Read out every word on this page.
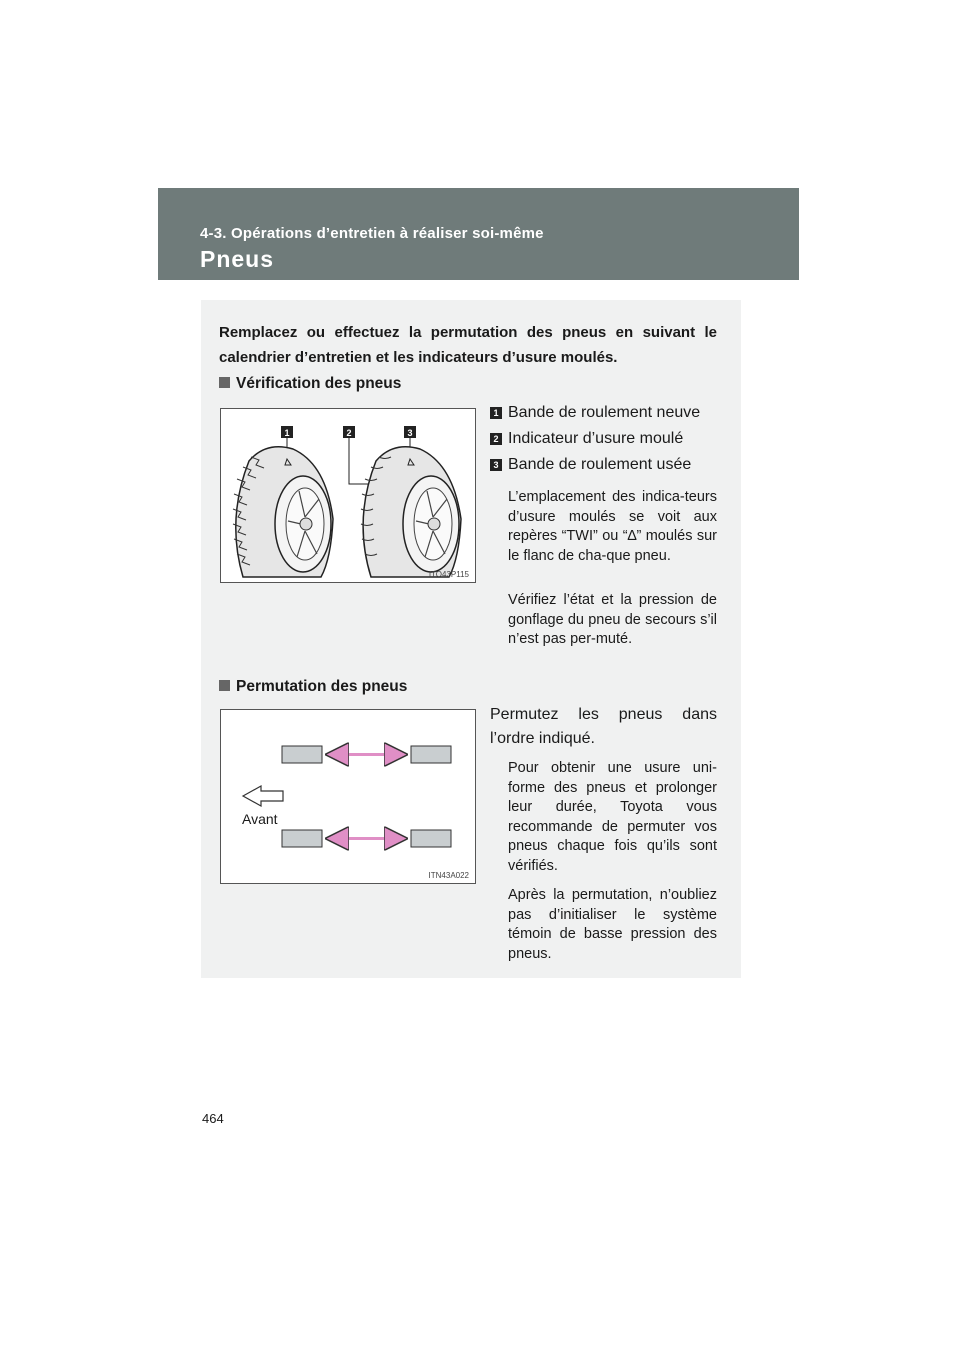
4-3. Opérations d’entretien à réaliser soi-même
Pneus
Remplacez ou effectuez la permutation des pneus en suivant le calendrier d’entretien et les indicateurs d’usure moulés.
Vérification des pneus
1	2	3
ITO43P115
1 Bande de roulement neuve
2 Indicateur d’usure moulé
3 Bande de roulement usée
L’emplacement des indica-teurs d’usure moulés se voit aux repères “TWI” ou “∆” moulés sur le flanc de cha-que pneu.
Vérifiez l’état et la pression de gonflage du pneu de secours s’il n’est pas per-muté.
Permutation des pneus
ITN43A022
Avant
Permutez les pneus dans l’ordre indiqué.
Pour obtenir une usure uni-forme des pneus et prolonger leur durée, Toyota vous recommande de permuter vos pneus chaque fois qu’ils sont vérifiés.
Après la permutation, n’oubliez pas d’initialiser le système témoin de basse pression des pneus.
464
